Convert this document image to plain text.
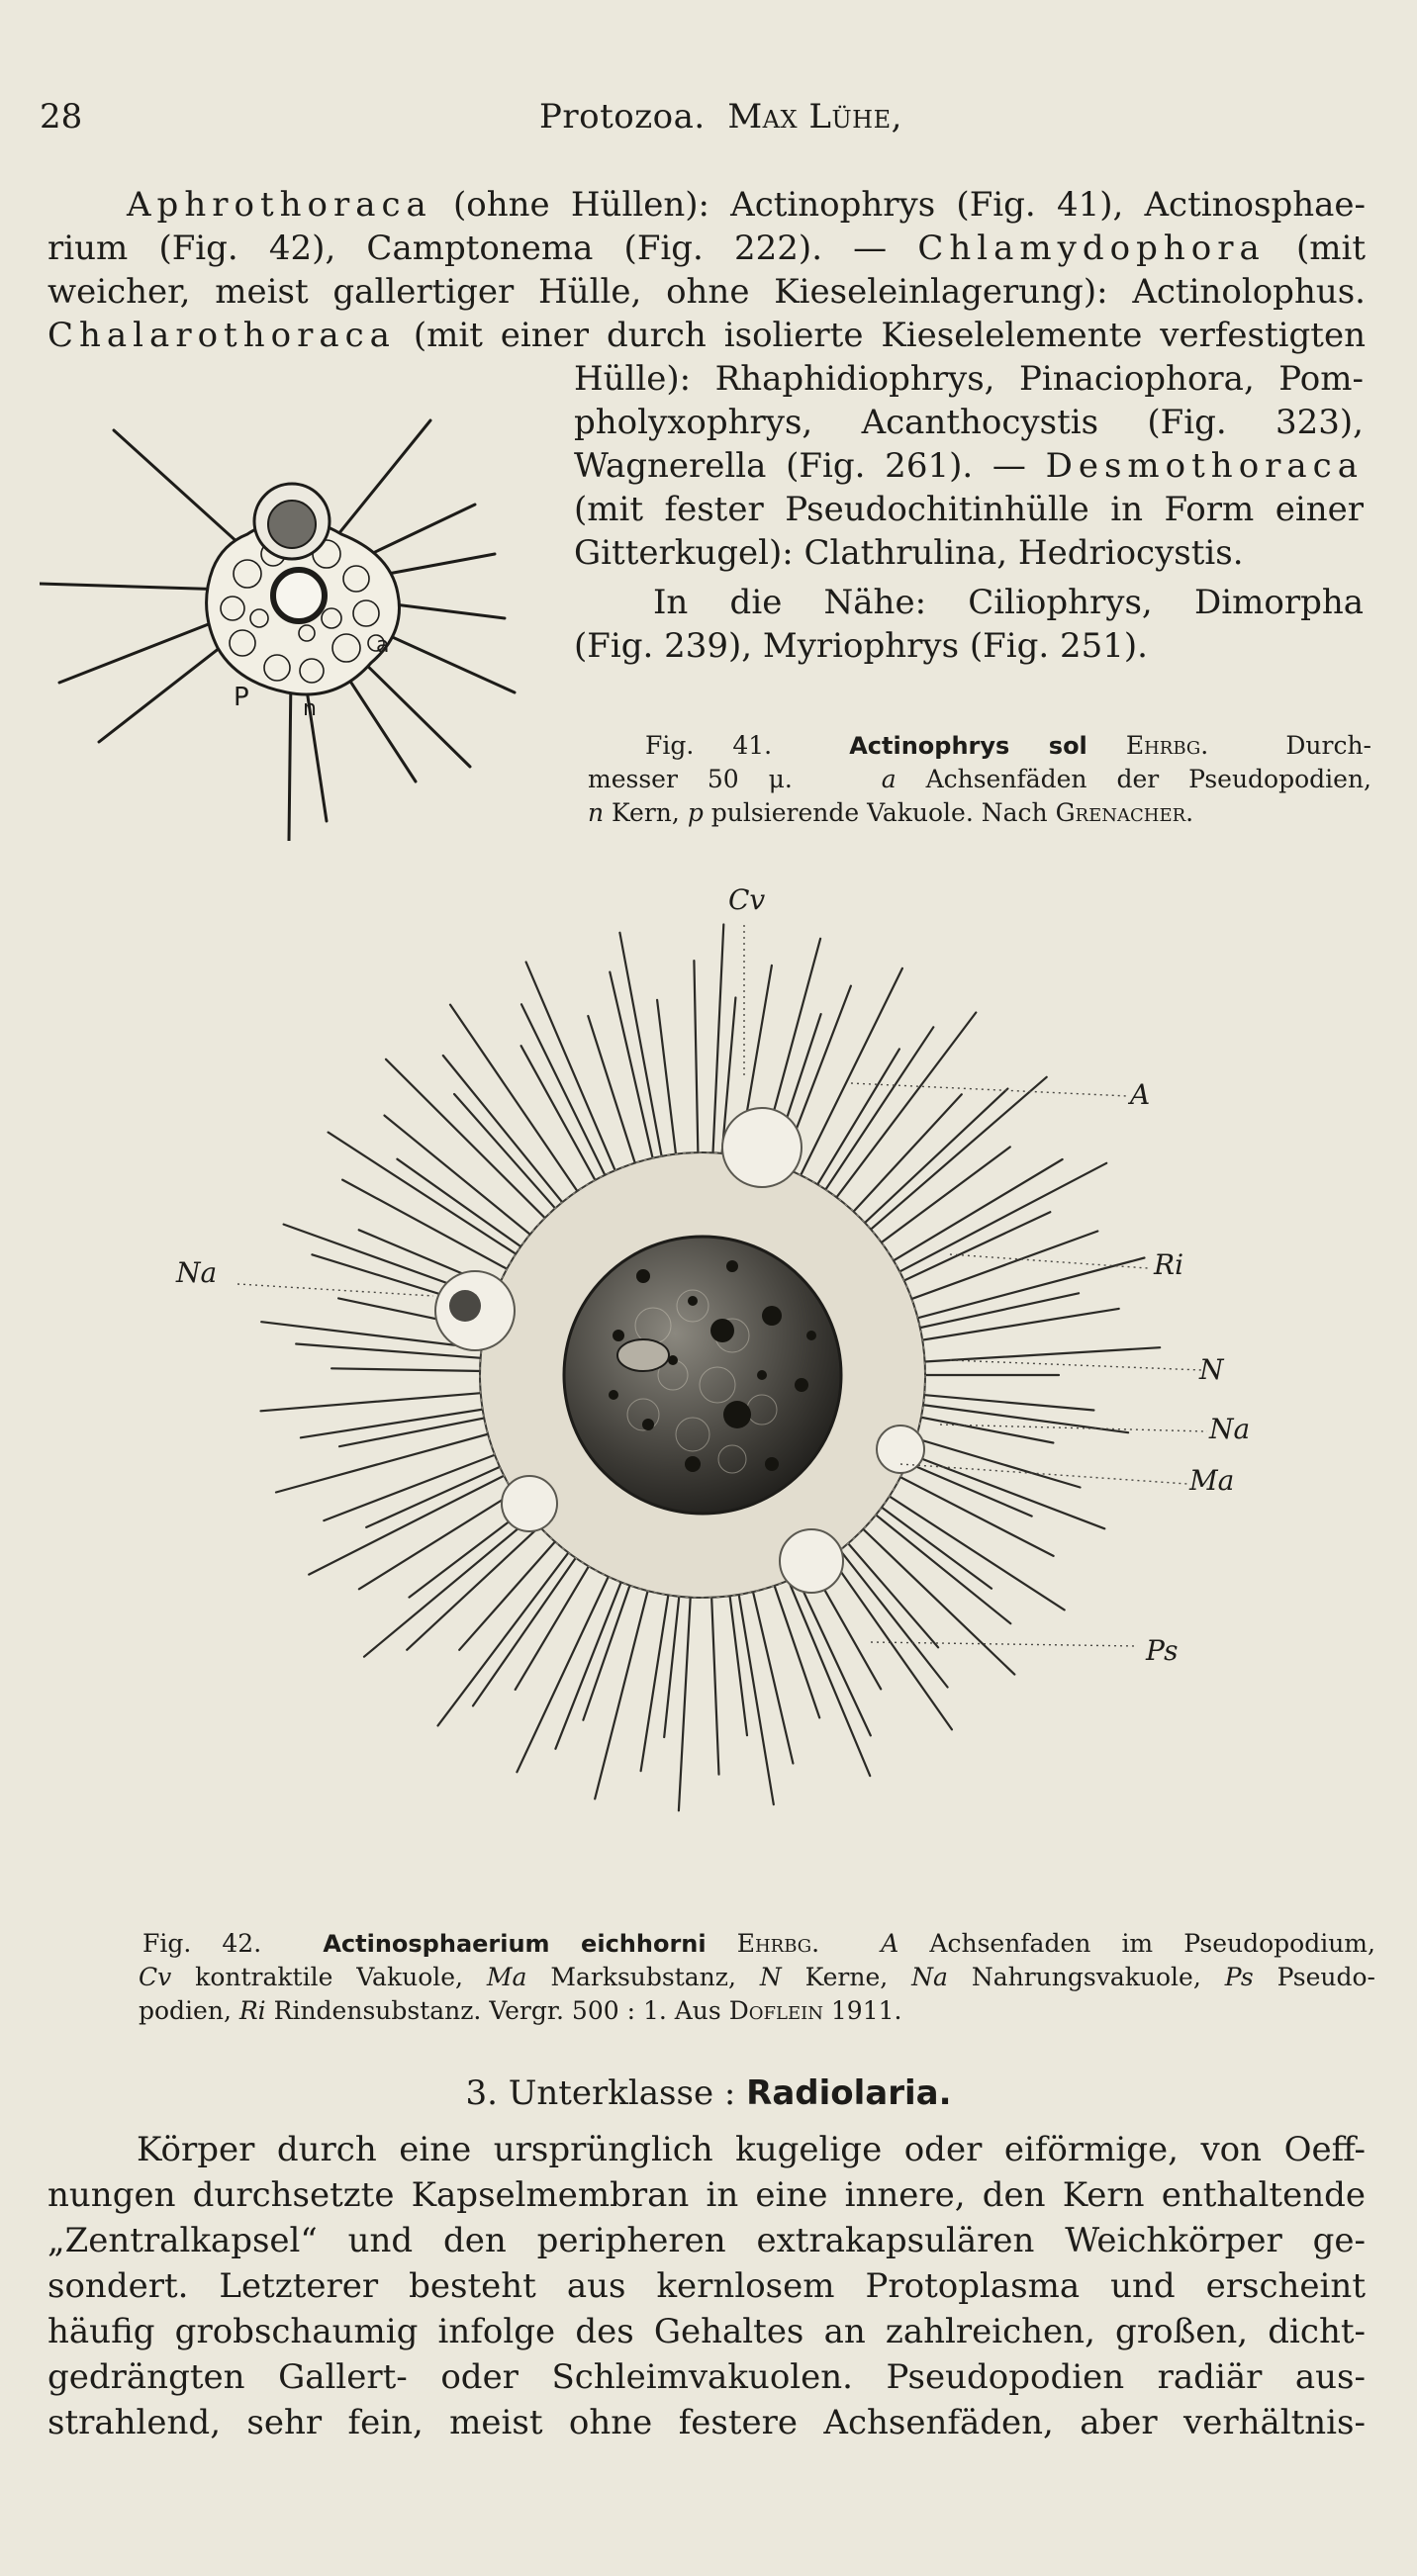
28	Protozoa. Max Lühe,
Aphrothoraca (ohne Hüllen): Actinophrys (Fig. 41), Actinosphae-
rium (Fig. 42), Camptonema (Fig. 222). — Chlamydophora (mit
weicher, meist gallertiger Hülle, ohne Kieseleinlagerung): Actinolophus.
Chalarothoraca (mit einer durch isolierte Kieselelemente verfestigten
Hülle): Rhaphidiophrys, Pinaciophora, Pom-
pholyxophrys, Acanthocystis (Fig. 323),
Wagnerella (Fig. 261). — Desmothoraca
(mit fester Pseudochitinhülle in Form einer
Gitterkugel): Clathrulina, Hedriocystis.
In die Nähe: Ciliophrys, Dimorpha
(Fig. 239), Myriophrys (Fig. 251).
P n
a
Fig. 41.	Actinophrys sol Ehrbg.	Durch-
messer 50 μ.	a Achsenfäden der Pseudopodien,
n Kern, p pulsierende Vakuole. Nach Grenacher.
Cv
A
Ri
Na
N
Na
Ma
Ps
Fig. 42.	Actinosphaerium eichhorni Ehrbg. A Achsenfaden im Pseudopodium,
Cv kontraktile Vakuole, Ma Marksubstanz, N Kerne, Na Nahrungsvakuole, Ps Pseudo-
podien, Ri Rindensubstanz. Vergr. 500 : 1. Aus Doflein 1911.
3. Unterklasse : Radiolaria.
Körper durch eine ursprünglich kugelige oder eiförmige, von Oeff-
nungen durchsetzte Kapselmembran in eine innere, den Kern enthaltende
„Zentralkapsel“ und den peripheren extrakapsulären Weichkörper ge-
sondert. Letzterer besteht aus kernlosem Protoplasma und erscheint
häufig grobschaumig infolge des Gehaltes an zahlreichen, großen, dicht-
gedrängten Gallert- oder Schleimvakuolen. Pseudopodien radiär aus-
strahlend, sehr fein, meist ohne festere Achsenfäden, aber verhältnis-
